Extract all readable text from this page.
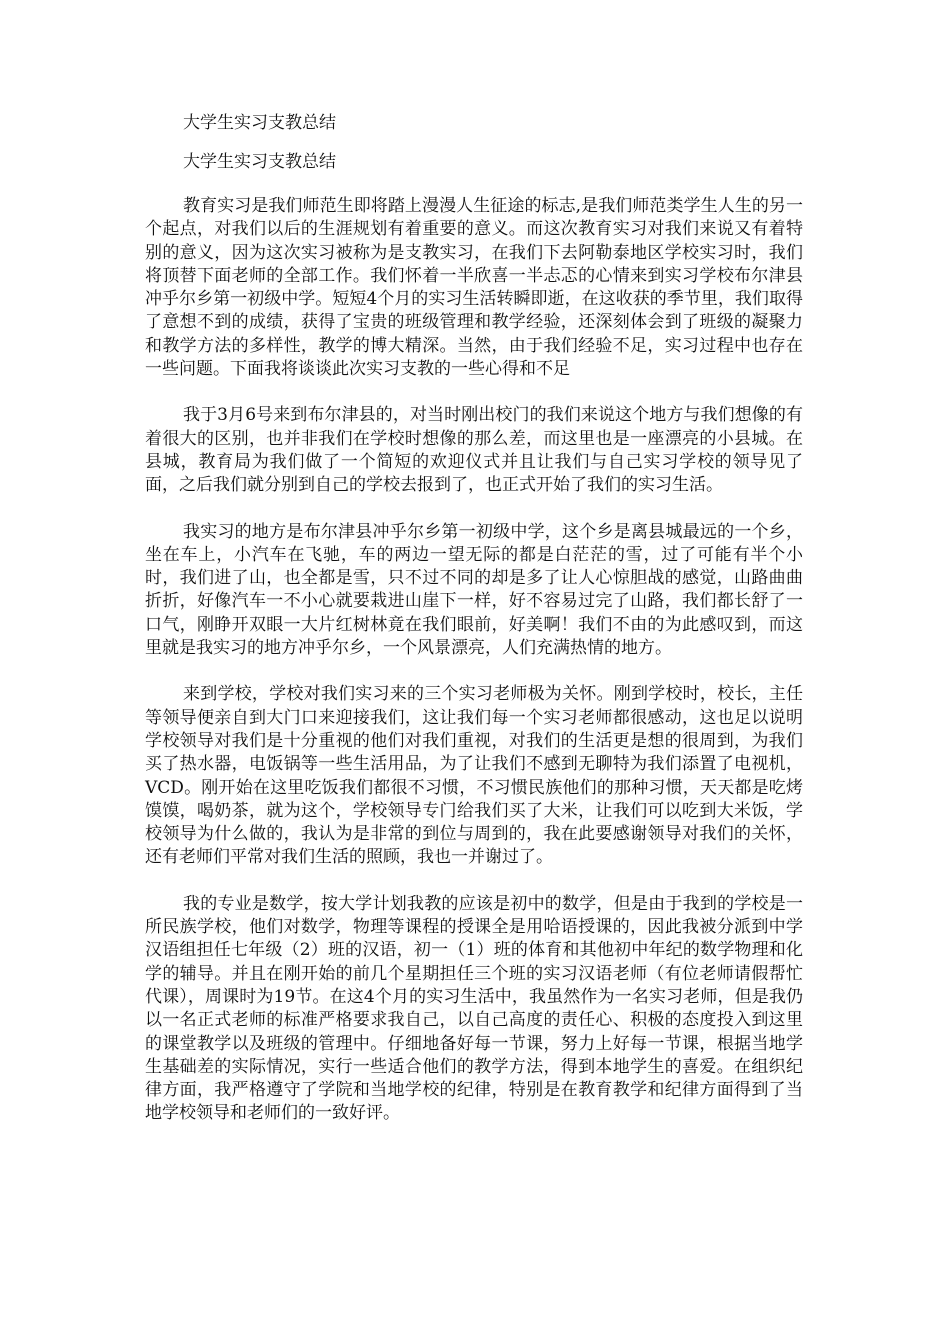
大学生实习支教总结

大学生实习支教总结

教育实习是我们师范生即将踏上漫漫人生征途的标志,是我们师范类学生人生的另一个起点，对我们以后的生涯规划有着重要的意义。而这次教育实习对我们来说又有着特别的意义，因为这次实习被称为是支教实习，在我们下去阿勒泰地区学校实习时，我们将顶替下面老师的全部工作。我们怀着一半欣喜一半忐忑的心情来到实习学校布尔津县冲乎尔乡第一初级中学。短短4个月的实习生活转瞬即逝，在这收获的季节里，我们取得了意想不到的成绩，获得了宝贵的班级管理和教学经验，还深刻体会到了班级的凝聚力和教学方法的多样性，教学的博大精深。当然，由于我们经验不足，实习过程中也存在一些问题。下面我将谈谈此次实习支教的一些心得和不足

我于3月6号来到布尔津县的，对当时刚出校门的我们来说这个地方与我们想像的有着很大的区别，也并非我们在学校时想像的那么差，而这里也是一座漂亮的小县城。在县城，教育局为我们做了一个简短的欢迎仪式并且让我们与自己实习学校的领导见了面，之后我们就分别到自己的学校去报到了，也正式开始了我们的实习生活。

我实习的地方是布尔津县冲乎尔乡第一初级中学，这个乡是离县城最远的一个乡，坐在车上，小汽车在飞驰，车的两边一望无际的都是白茫茫的雪，过了可能有半个小时，我们进了山，也全都是雪，只不过不同的却是多了让人心惊胆战的感觉，山路曲曲折折，好像汽车一不小心就要栽进山崖下一样，好不容易过完了山路，我们都长舒了一口气，刚睁开双眼一大片红树林竟在我们眼前，好美啊！我们不由的为此感叹到，而这里就是我实习的地方冲乎尔乡，一个风景漂亮，人们充满热情的地方。

来到学校，学校对我们实习来的三个实习老师极为关怀。刚到学校时，校长，主任等领导便亲自到大门口来迎接我们，这让我们每一个实习老师都很感动，这也足以说明学校领导对我们是十分重视的他们对我们重视，对我们的生活更是想的很周到，为我们买了热水器，电饭锅等一些生活用品，为了让我们不感到无聊特为我们添置了电视机，VCD。刚开始在这里吃饭我们都很不习惯，不习惯民族他们的那种习惯，天天都是吃烤馍馍，喝奶茶，就为这个，学校领导专门给我们买了大米，让我们可以吃到大米饭，学校领导为什么做的，我认为是非常的到位与周到的，我在此要感谢领导对我们的关怀，还有老师们平常对我们生活的照顾，我也一并谢过了。

我的专业是数学，按大学计划我教的应该是初中的数学，但是由于我到的学校是一所民族学校，他们对数学，物理等课程的授课全是用哈语授课的，因此我被分派到中学汉语组担任七年级（2）班的汉语，初一（1）班的体育和其他初中年纪的数学物理和化学的辅导。并且在刚开始的前几个星期担任三个班的实习汉语老师（有位老师请假帮忙代课），周课时为19节。在这4个月的实习生活中，我虽然作为一名实习老师，但是我仍以一名正式老师的标准严格要求我自己，以自己高度的责任心、积极的态度投入到这里的课堂教学以及班级的管理中。仔细地备好每一节课，努力上好每一节课，根据当地学生基础差的实际情况，实行一些适合他们的教学方法，得到本地学生的喜爱。在组织纪律方面，我严格遵守了学院和当地学校的纪律，特别是在教育教学和纪律方面得到了当地学校领导和老师们的一致好评。
